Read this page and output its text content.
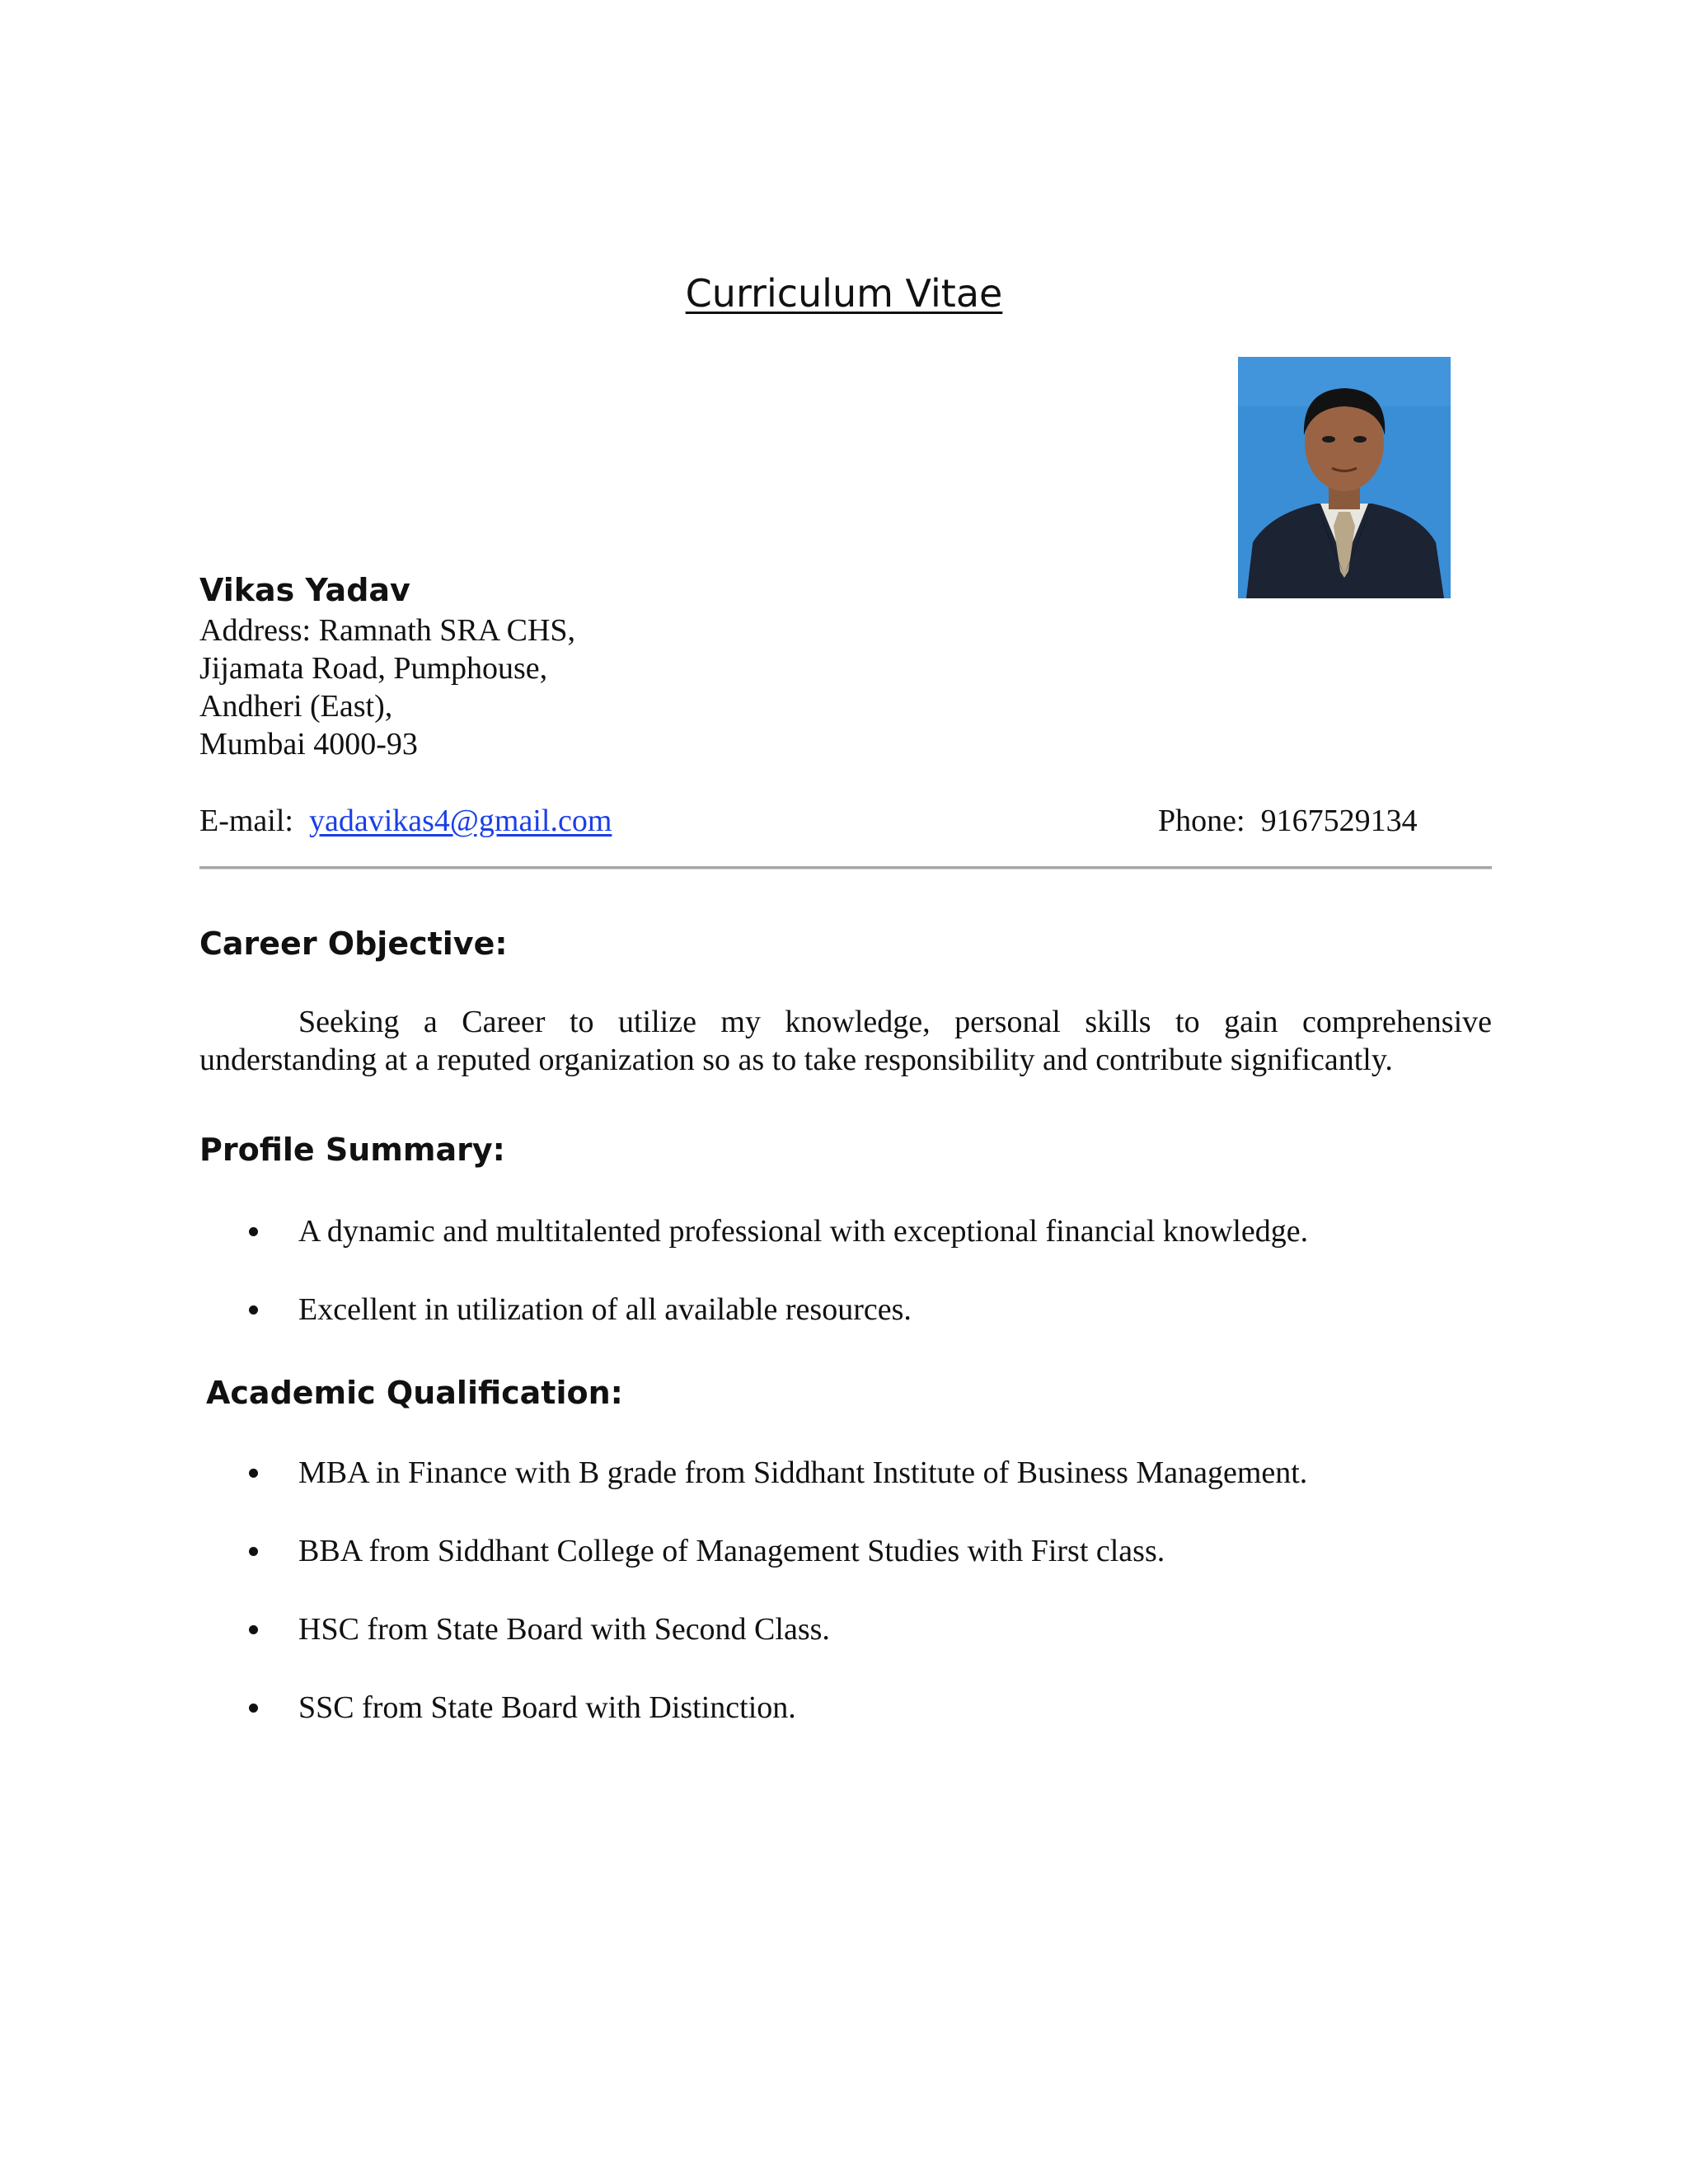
Curriculum Vitae
Vikas Yadav
Address: Ramnath SRA CHS,
Jijamata Road, Pumphouse,
Andheri (East),
Mumbai 4000-93
E-mail: yadavikas4@gmail.com	Phone: 9167529134
Career Objective:

Seeking a Career to utilize my knowledge, personal skills to gain comprehensive understanding at a reputed organization so as to take responsibility and contribute significantly.

Profile Summary:
A dynamic and multitalented professional with exceptional financial knowledge.
Excellent in utilization of all available resources.
Academic Qualification:
MBA in Finance with B grade from Siddhant Institute of Business Management.
BBA from Siddhant College of Management Studies with First class.
HSC from State Board with Second Class.
SSC from State Board with Distinction.
